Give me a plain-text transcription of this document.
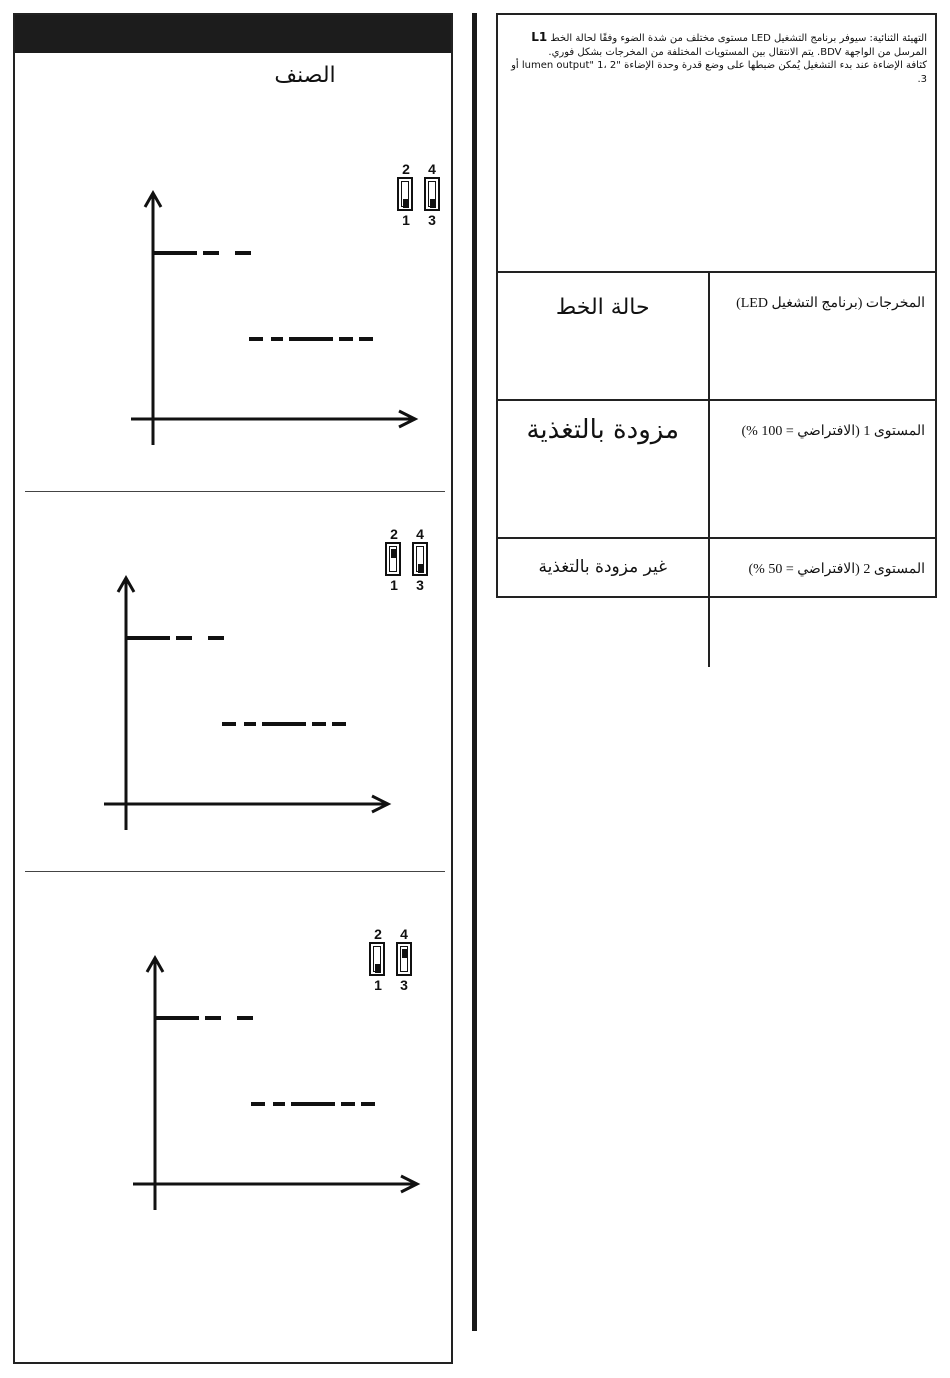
الصنف
2 4
1 3
2 4
1 3
2 4
1 3
التهيئة الثنائية: سيوفر برنامج التشغيل LED مستوى مختلف من شدة الضوء وفقًا لحالة الخط L1 المرسل من الواجهة BDV. يتم الانتقال بين المستويات المختلفة من المخرجات بشكل فوري.
كثافة الإضاءة عند بدء التشغيل يُمكن ضبطها على وضع قدرة وحدة الإضاءة "lumen output" 1، 2 أو 3.
حالة الخط	المخرجات (برنامج التشغيل LED)

مزودة بالتغذية	المستوى 1 (الافتراضي = 100 %)

غير مزودة بالتغذية	المستوى 2 (الافتراضي = 50 %)
